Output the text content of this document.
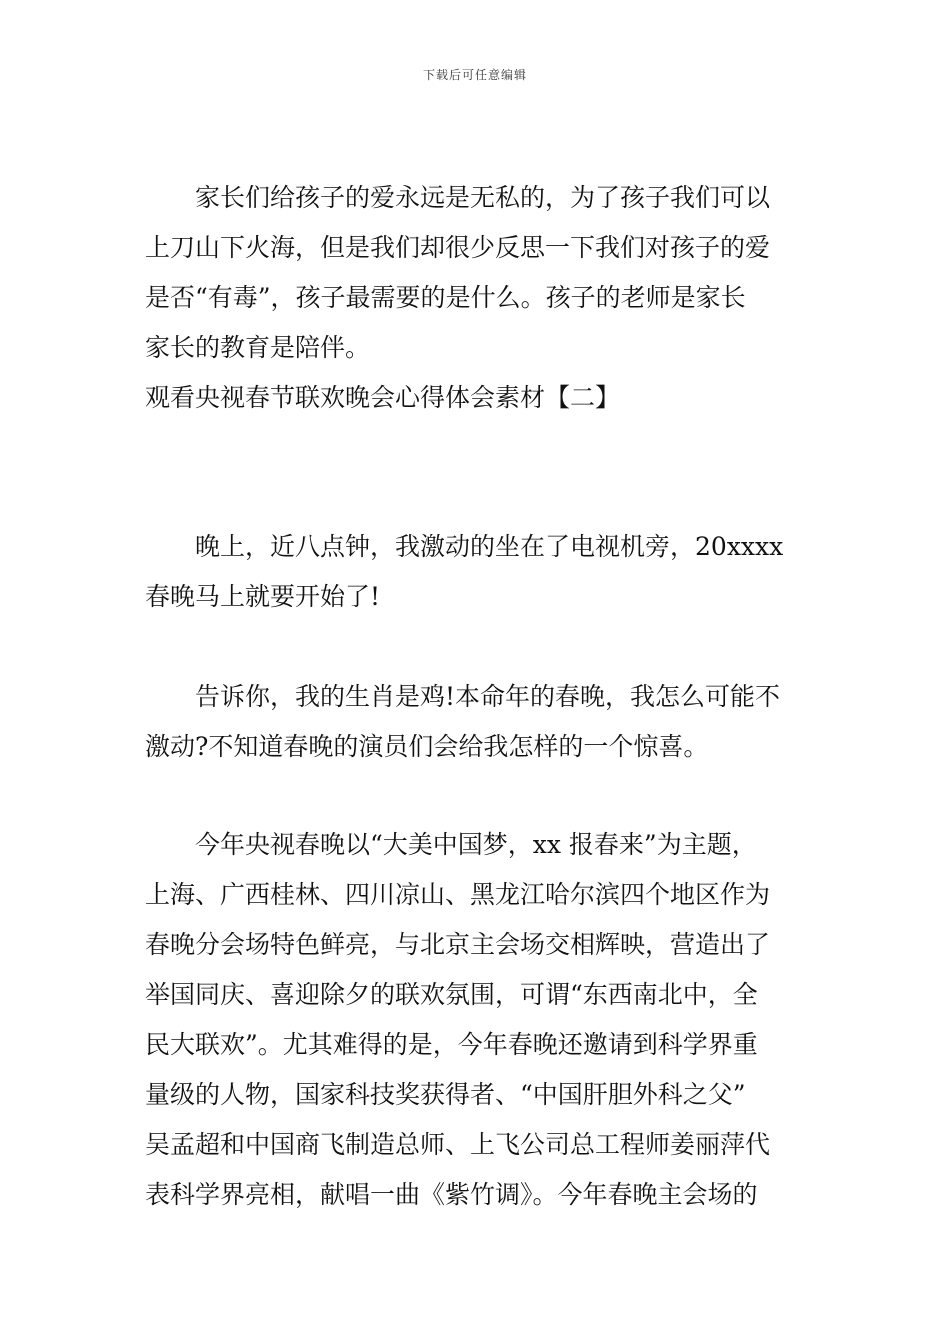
下载后可任意编辑
家长们给孩子的爱永远是无私的，为了孩子我们可以
上刀山下火海，但是我们却很少反思一下我们对孩子的爱
是否“有毒”，孩子最需要的是什么。孩子的老师是家长
家长的教育是陪伴。
观看央视春节联欢晚会心得体会素材【二】
晚上，近八点钟，我激动的坐在了电视机旁，20xxxx
春晚马上就要开始了!
告诉你，我的生肖是鸡!本命年的春晚，我怎么可能不
激动?不知道春晚的演员们会给我怎样的一个惊喜。
今年央视春晚以“大美中国梦，xx 报春来”为主题，
上海、广西桂林、四川凉山、黑龙江哈尔滨四个地区作为
春晚分会场特色鲜亮，与北京主会场交相辉映，营造出了
举国同庆、喜迎除夕的联欢氛围，可谓“东西南北中，全
民大联欢”。尤其难得的是，今年春晚还邀请到科学界重
量级的人物，国家科技奖获得者、“中国肝胆外科之父”
吴孟超和中国商飞制造总师、上飞公司总工程师姜丽萍代
表科学界亮相，献唱一曲《紫竹调》。今年春晚主会场的
